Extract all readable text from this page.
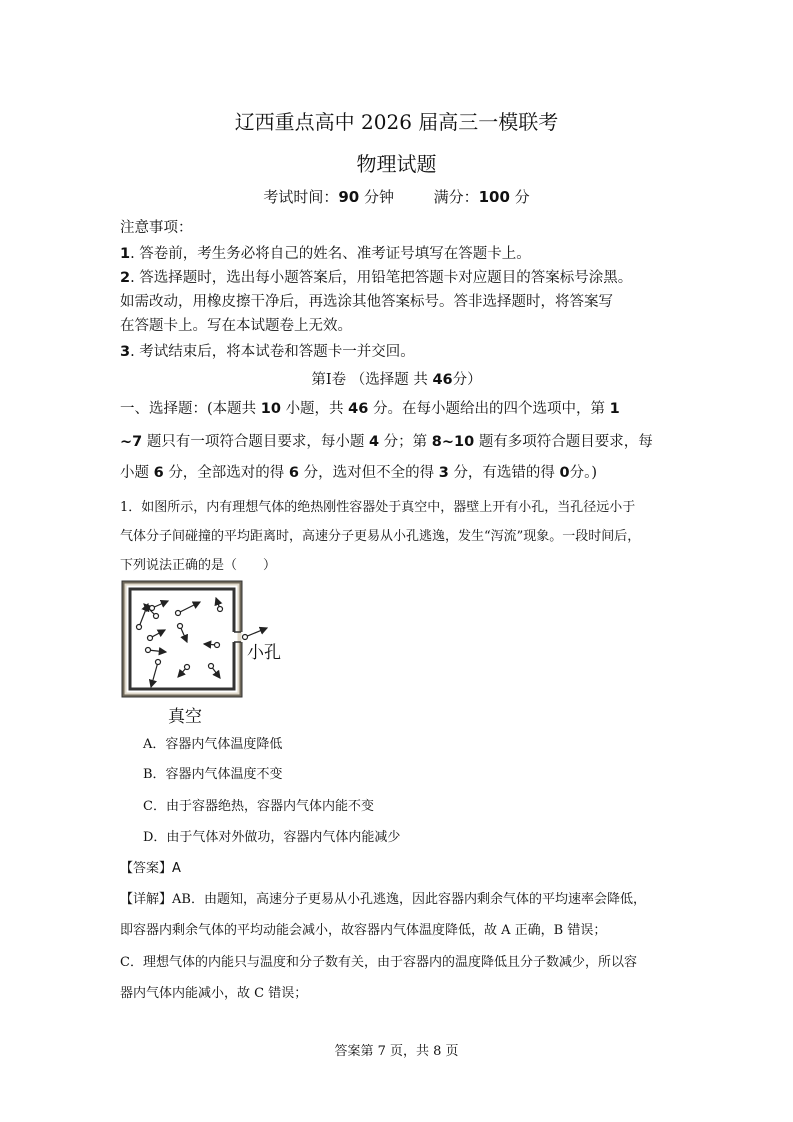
辽西重点高中 2026 届高三一模联考
物理试题
考试时间：90 分钟	满分：100 分
注意事项：
1. 答卷前，考生务必将自己的姓名、准考证号填写在答题卡上。
2. 答选择题时，选出每小题答案后，用铅笔把答题卡对应题目的答案标号涂黑。
如需改动，用橡皮擦干净后，再选涂其他答案标号。答非选择题时，将答案写
在答题卡上。写在本试题卷上无效。
3. 考试结束后，将本试卷和答题卡一并交回。
第Ⅰ卷 （选择题 共 46分）
一、选择题：(本题共 10 小题，共 46 分。在每小题给出的四个选项中，第 1
~7 题只有一项符合题目要求，每小题 4 分；第 8~10 题有多项符合题目要求，每
小题 6 分，全部选对的得 6 分，选对但不全的得 3 分，有选错的得 0分。)
1．如图所示，内有理想气体的绝热刚性容器处于真空中，器壁上开有小孔，当孔径远小于
气体分子间碰撞的平均距离时，高速分子更易从小孔逃逸，发生“泻流”现象。一段时间后，
下列说法正确的是（　　）
小孔
真空
A．容器内气体温度降低
B．容器内气体温度不变
C．由于容器绝热，容器内气体内能不变
D．由于气体对外做功，容器内气体内能减少
【答案】A
【详解】AB．由题知，高速分子更易从小孔逃逸，因此容器内剩余气体的平均速率会降低，
即容器内剩余气体的平均动能会减小，故容器内气体温度降低，故 A 正确，B 错误；
C．理想气体的内能只与温度和分子数有关，由于容器内的温度降低且分子数减少，所以容
器内气体内能减小，故 C 错误；
答案第 7 页，共 8 页
